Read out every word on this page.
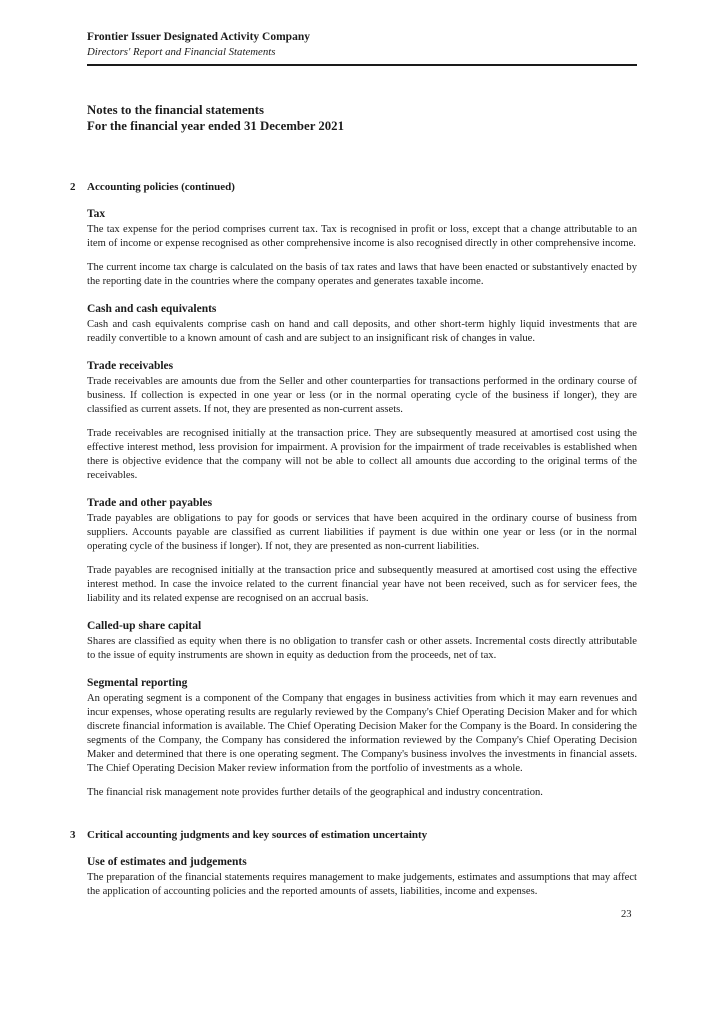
Frontier Issuer Designated Activity Company
Directors' Report and Financial Statements
Notes to the financial statements
For the financial year ended 31 December 2021
2 Accounting policies (continued)
Tax

The tax expense for the period comprises current tax. Tax is recognised in profit or loss, except that a change attributable to an item of income or expense recognised as other comprehensive income is also recognised directly in other comprehensive income.

The current income tax charge is calculated on the basis of tax rates and laws that have been enacted or substantively enacted by the reporting date in the countries where the company operates and generates taxable income.

Cash and cash equivalents

Cash and cash equivalents comprise cash on hand and call deposits, and other short-term highly liquid investments that are readily convertible to a known amount of cash and are subject to an insignificant risk of changes in value.

Trade receivables

Trade receivables are amounts due from the Seller and other counterparties for transactions performed in the ordinary course of business. If collection is expected in one year or less (or in the normal operating cycle of the business if longer), they are classified as current assets. If not, they are presented as non-current assets.

Trade receivables are recognised initially at the transaction price. They are subsequently measured at amortised cost using the effective interest method, less provision for impairment. A provision for the impairment of trade receivables is established when there is objective evidence that the company will not be able to collect all amounts due according to the original terms of the receivables.

Trade and other payables

Trade payables are obligations to pay for goods or services that have been acquired in the ordinary course of business from suppliers. Accounts payable are classified as current liabilities if payment is due within one year or less (or in the normal operating cycle of the business if longer). If not, they are presented as non-current liabilities.

Trade payables are recognised initially at the transaction price and subsequently measured at amortised cost using the effective interest method. In case the invoice related to the current financial year have not been received, such as for servicer fees, the liability and its related expense are recognised on an accrual basis.

Called-up share capital

Shares are classified as equity when there is no obligation to transfer cash or other assets. Incremental costs directly attributable to the issue of equity instruments are shown in equity as deduction from the proceeds, net of tax.

Segmental reporting

An operating segment is a component of the Company that engages in business activities from which it may earn revenues and incur expenses, whose operating results are regularly reviewed by the Company's Chief Operating Decision Maker and for which discrete financial information is available. The Chief Operating Decision Maker for the Company is the Board. In considering the segments of the Company, the Company has considered the information reviewed by the Company's Chief Operating Decision Maker and determined that there is one operating segment. The Company's business involves the investments in financial assets. The Chief Operating Decision Maker review information from the portfolio of investments as a whole.

The financial risk management note provides further details of the geographical and industry concentration.

3 Critical accounting judgments and key sources of estimation uncertainty
Use of estimates and judgements

The preparation of the financial statements requires management to make judgements, estimates and assumptions that may affect the application of accounting policies and the reported amounts of assets, liabilities, income and expenses.

23
